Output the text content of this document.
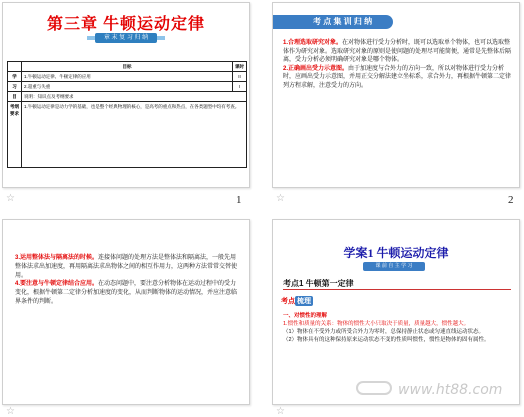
第三章 牛顿运动定律
章 末 复 习 归 纳
	目标	课时
学	1.牛顿运动定律、牛顿定律的应用	II
习	2.超重与失重	I
目	说明：知识点及考纲要求	
考纲要求	1.牛顿运动定律是动力学的基础，也是整个经典物理的核心，是高考的重点和热点，在各类题型中均有考查。	
☆	1
考 点 集 训 归 纳

1.合理选取研究对象。在对物体进行受力分析时，既可以选取单个物体，也可以选取整体作为研究对象。选取研究对象的原则是使问题的处理尽可能简便，通常是先整体后隔离，受力分析必须明确研究对象是哪个物体。

2.正确画出受力示意图。由于加速度与合外力的方向一致，所以对物体进行受力分析时，应画出受力示意图，并用正交分解法建立坐标系，求合外力，再根据牛顿第二定律列方程求解，注意受力的方向。

☆	2

3.运用整体法与隔离法的时候。连接体问题的处理方法是整体法和隔离法，一般先用整体法求出加速度，再用隔离法求出物体之间的相互作用力，这两种方法常常交替使用。

4.要注意与牛顿定律结合应用。在动态问题中，要注意分析物体在运动过程中的受力变化，根据牛顿第二定律分析加速度的变化，从而判断物体的运动情况，并应注意临界条件的判断。

☆
学案1 牛顿运动定律
课 前 自 主 学 习
考点1 牛顿第一定律
考点 梳理

一、对惯性的理解

1.惯性和质量的关系：物体的惯性大小只取决于质量，质量越大，惯性越大。

（1）物体在不受外力或所受合外力为零时，总保持静止状态或匀速直线运动状态。

（2）物体具有的这种保持原来运动状态不变的性质叫惯性，惯性是物体的固有属性。

☆
www.ht88.com
